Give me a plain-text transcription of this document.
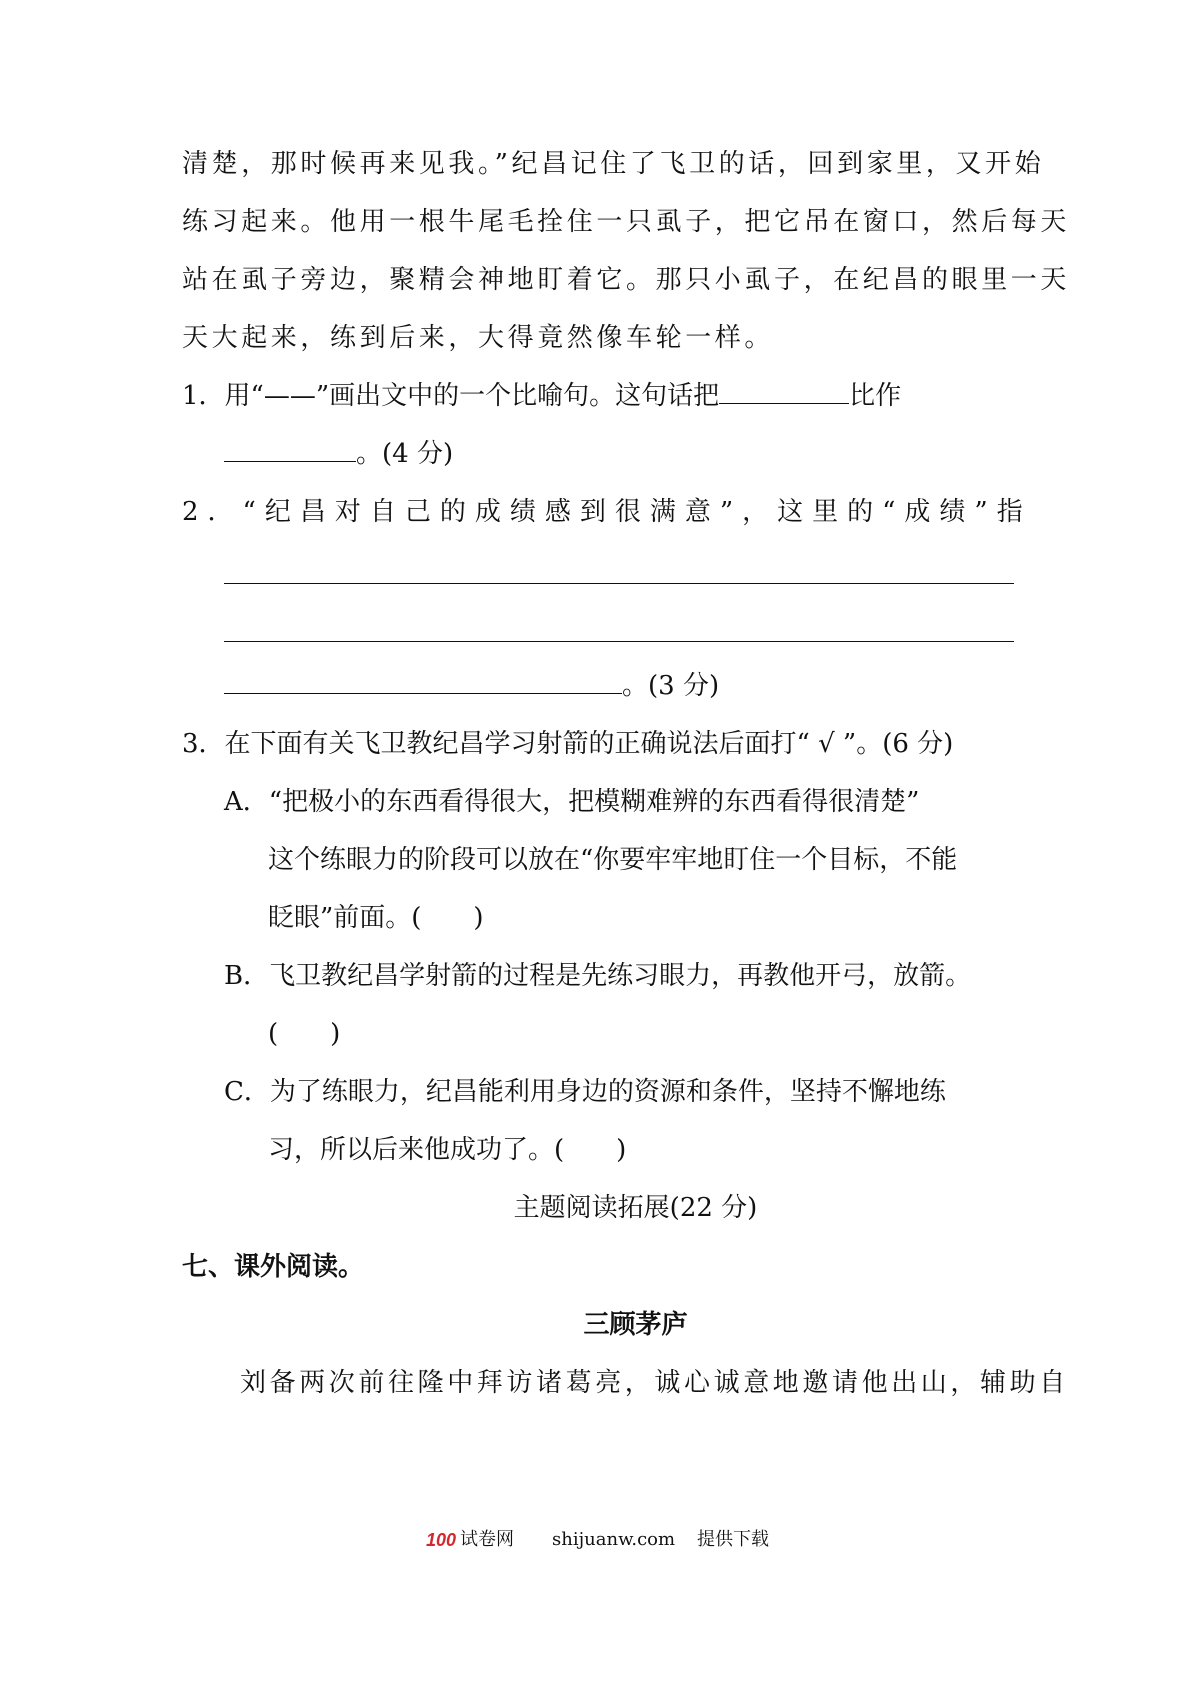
清楚，那时候再来见我。”纪昌记住了飞卫的话，回到家里，又开始
练习起来。他用一根牛尾毛拴住一只虱子，把它吊在窗口，然后每天
站在虱子旁边，聚精会神地盯着它。那只小虱子，在纪昌的眼里一天
天大起来，练到后来，大得竟然像车轮一样。
1．用“——”画出文中的一个比喻句。这句话把	比作
。(4 分)
2．“纪昌对自己的成绩感到很满意”，这里的“成绩”指
。(3 分)
3．在下面有关飞卫教纪昌学习射箭的正确说法后面打“ √ ”。(6 分)
A．“把极小的东西看得很大，把模糊难辨的东西看得很清楚”
这个练眼力的阶段可以放在“你要牢牢地盯住一个目标，不能
眨眼”前面。(　　)
B．飞卫教纪昌学射箭的过程是先练习眼力，再教他开弓，放箭。
(　　)
C．为了练眼力，纪昌能利用身边的资源和条件，坚持不懈地练
习，所以后来他成功了。(　　)
主题阅读拓展(22 分)
七、课外阅读。
三顾茅庐
刘备两次前往隆中拜访诸葛亮，诚心诚意地邀请他出山，辅助自
100 试卷网 shijuanw.com 提供下载
